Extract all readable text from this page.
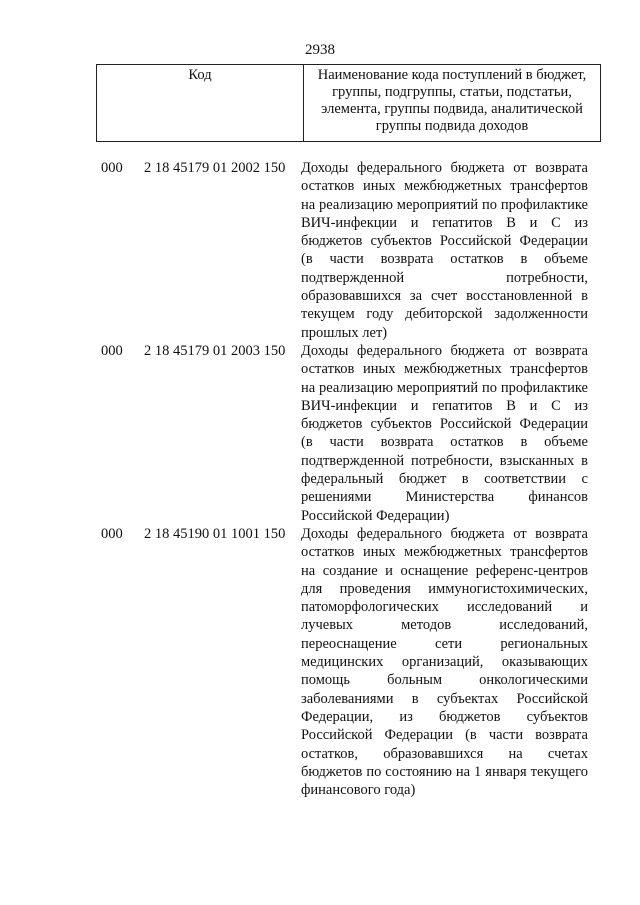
2938
Код	Наименование кода поступлений в бюджет, группы, подгруппы, статьи, подстатьи, элемента, группы подвида, аналитической группы подвида доходов
000 2 18 45179 01 2002 150 Доходы федерального бюджета от возврата остатков иных межбюджетных трансфертов на реализацию мероприятий по профилактике ВИЧ-инфекции и гепатитов B и C из бюджетов субъектов Российской Федерации (в части возврата остатков в объеме подтвержденной потребности, образовавшихся за счет восстановленной в текущем году дебиторской задолженности прошлых лет)
000 2 18 45179 01 2003 150 Доходы федерального бюджета от возврата остатков иных межбюджетных трансфертов на реализацию мероприятий по профилактике ВИЧ-инфекции и гепатитов B и C из бюджетов субъектов Российской Федерации (в части возврата остатков в объеме подтвержденной потребности, взысканных в федеральный бюджет в соответствии с решениями Министерства финансов Российской Федерации)
000 2 18 45190 01 1001 150 Доходы федерального бюджета от возврата остатков иных межбюджетных трансфертов на создание и оснащение референс-центров для проведения иммуногистохимических, патоморфологических исследований и лучевых методов исследований, переоснащение сети региональных медицинских организаций, оказывающих помощь больным онкологическими заболеваниями в субъектах Российской Федерации, из бюджетов субъектов Российской Федерации (в части возврата остатков, образовавшихся на счетах бюджетов по состоянию на 1 января текущего финансового года)
